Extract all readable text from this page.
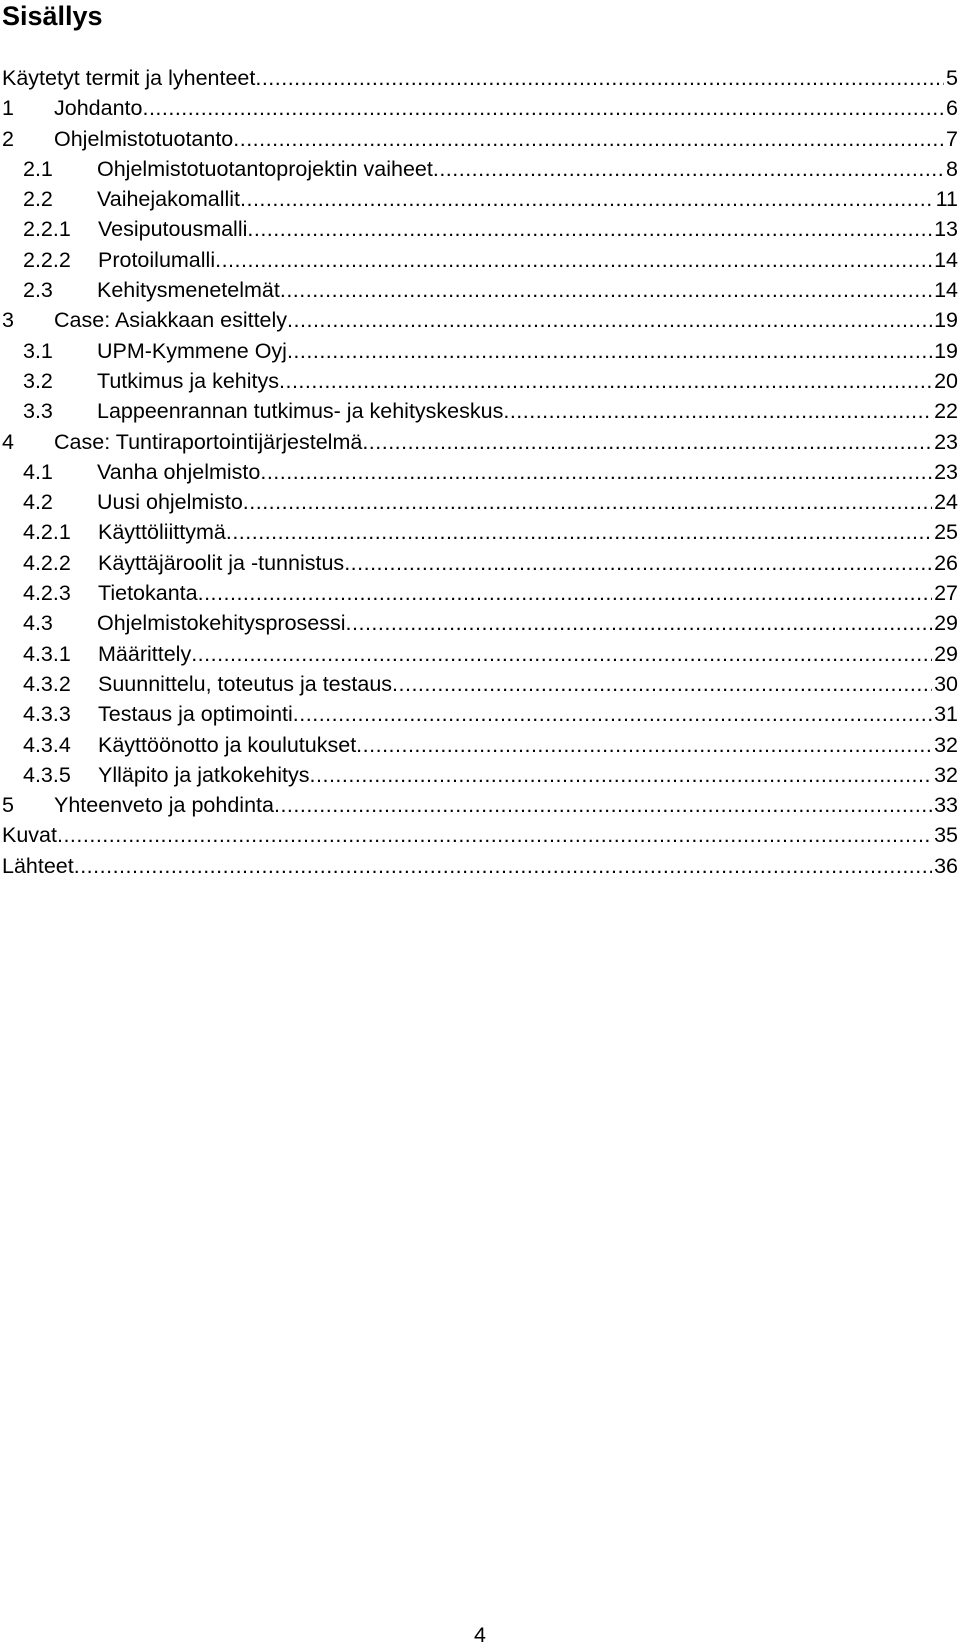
Sisällys
Käytetyt termit ja lyhenteet .....	5
1	Johdanto .....	6
2	Ohjelmistotuotanto .....	7
2.1	Ohjelmistotuotantoprojektin vaiheet .....	8
2.2	Vaihejakomallit .....	11
2.2.1	Vesiputousmalli .....	13
2.2.2	Protoilumalli .....	14
2.3	Kehitysmenetelmät .....	14
3	Case: Asiakkaan esittely .....	19
3.1	UPM-Kymmene Oyj .....	19
3.2	Tutkimus ja kehitys .....	20
3.3	Lappeenrannan tutkimus- ja kehityskeskus .....	22
4	Case: Tuntiraportointijärjestelmä .....	23
4.1	Vanha ohjelmisto .....	23
4.2	Uusi ohjelmisto .....	24
4.2.1	Käyttöliittymä .....	25
4.2.2	Käyttäjäroolit ja -tunnistus .....	26
4.2.3	Tietokanta .....	27
4.3	Ohjelmistokehitysprosessi .....	29
4.3.1	Määrittely .....	29
4.3.2	Suunnittelu, toteutus ja testaus .....	30
4.3.3	Testaus ja optimointi .....	31
4.3.4	Käyttöönotto ja koulutukset .....	32
4.3.5	Ylläpito ja jatkokehitys .....	32
5	Yhteenveto ja pohdinta .....	33
Kuvat .....	35
Lähteet .....	36
4
